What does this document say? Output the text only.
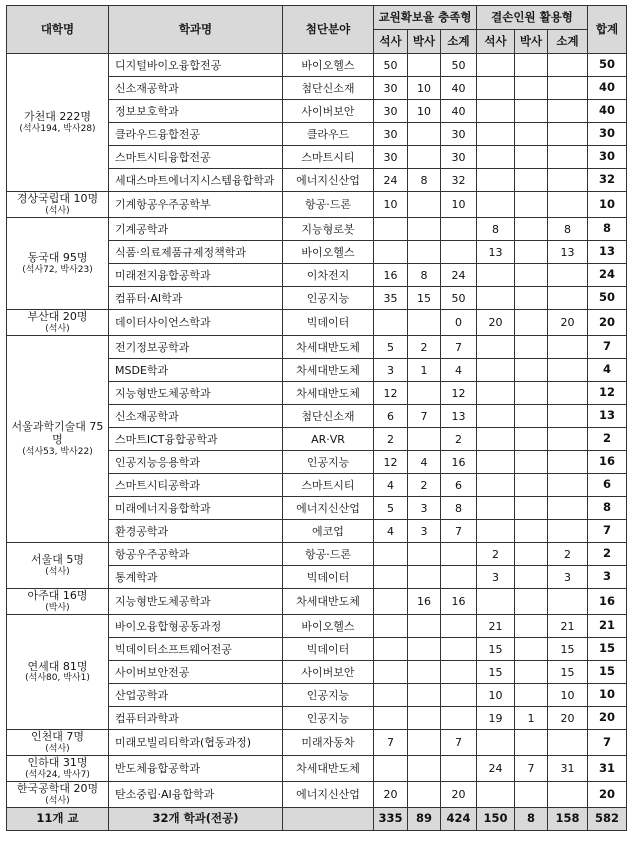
대학명	학과명	첨단분야	교원확보율 충족형			결손인원 활용형			합계
			석사	박사	소계	석사	박사	소계	
가천대 222명
(석사194, 박사28)	디지털바이오융합전공	바이오헬스	50		50				50
	신소재공학과	첨단신소재	30	10	40				40
	정보보호학과	사이버보안	30	10	40				40
	클라우드융합전공	클라우드	30		30				30
	스마트시티융합전공	스마트시티	30		30				30
	세대스마트에너지시스템융합학과	에너지신산업	24	8	32				32
경상국립대 10명
(석사)	기계항공우주공학부	항공·드론	10		10				10
동국대 95명
(석사72, 박사23)	기계공학과	지능형로봇				8		8	8
	식품·의료제품규제정책학과	바이오헬스				13		13	13
	미래전지융합공학과	이차전지	16	8	24				24
	컴퓨터·AI학과	인공지능	35	15	50				50
부산대 20명
(석사)	데이터사이언스학과	빅데이터			0	20		20	20
서울과학기술대 75명
(석사53, 박사22)	전기정보공학과	차세대반도체	5	2	7				7
	MSDE학과	차세대반도체	3	1	4				4
	지능형반도체공학과	차세대반도체	12		12				12
	신소재공학과	첨단신소재	6	7	13				13
	스마트ICT융합공학과	AR·VR	2		2				2
	인공지능응용학과	인공지능	12	4	16				16
	스마트시티공학과	스마트시티	4	2	6				6
	미래에너지융합학과	에너지신산업	5	3	8				8
	환경공학과	에코업	4	3	7				7
서울대 5명
(석사)	항공우주공학과	항공·드론				2		2	2
	통계학과	빅데이터				3		3	3
아주대 16명
(박사)	지능형반도체공학과	차세대반도체		16	16				16
연세대 81명
(석사80, 박사1)	바이오융합형공동과정	바이오헬스				21		21	21
	빅데이터소프트웨어전공	빅데이터				15		15	15
	사이버보안전공	사이버보안				15		15	15
	산업공학과	인공지능				10		10	10
	컴퓨터과학과	인공지능				19	1	20	20
인천대 7명
(석사)	미래모빌리티학과(협동과정)	미래자동차	7		7				7
인하대 31명
(석사24, 박사7)	반도체융합공학과	차세대반도체				24	7	31	31
한국공학대 20명
(석사)	탄소중립·AI융합학과	에너지신산업	20		20				20
11개 교	32개 학과(전공)		335	89	424	150	8	158	582
